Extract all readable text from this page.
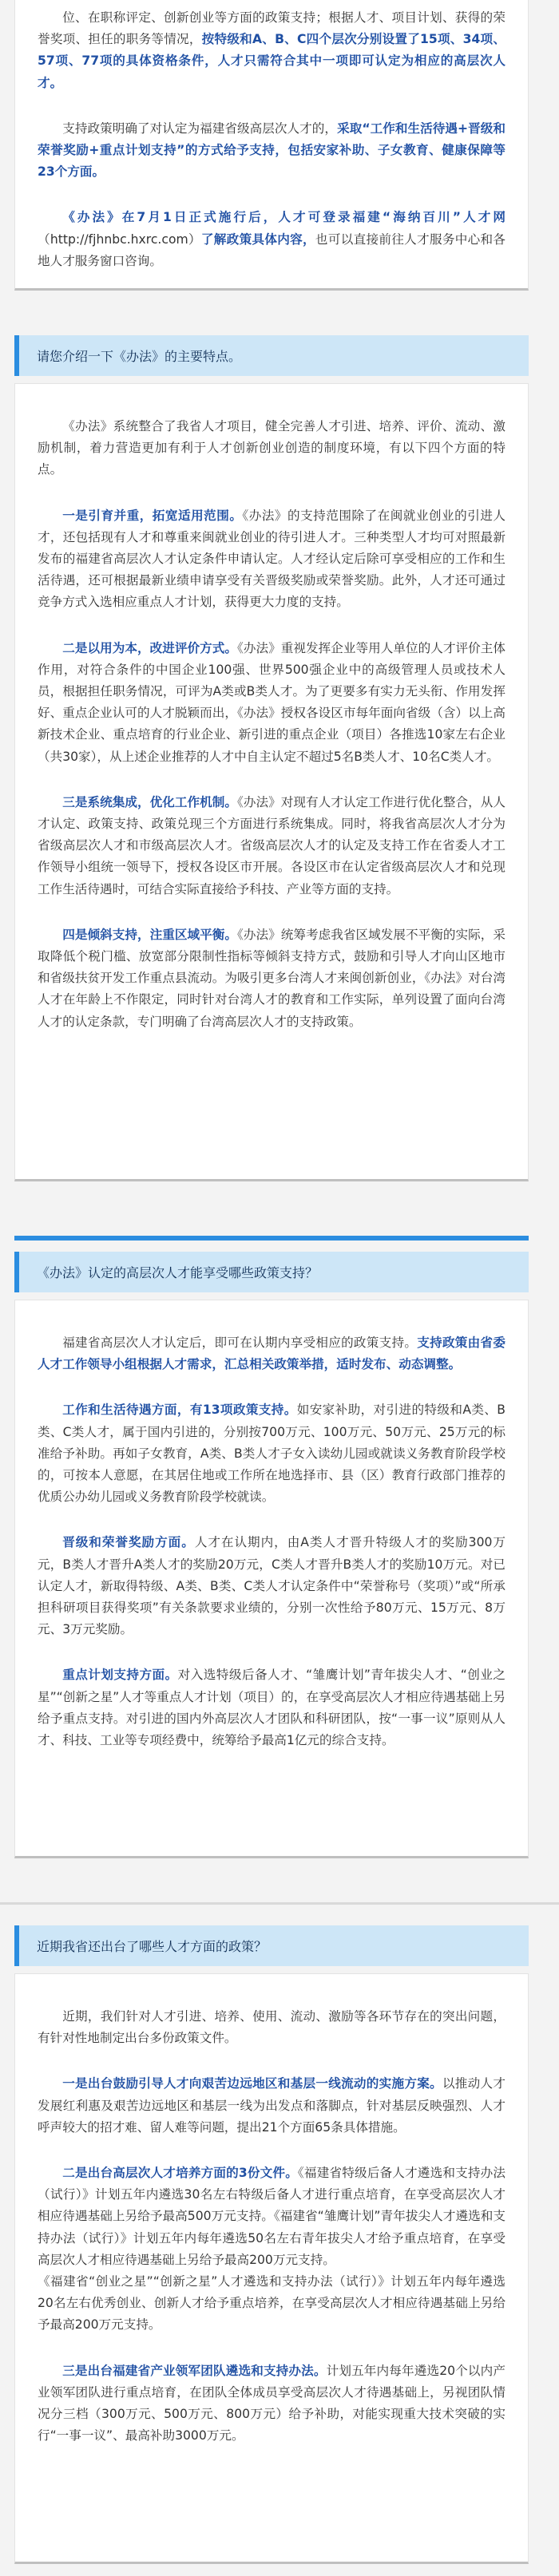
位、在职称评定、创新创业等方面的政策支持；根据人才、项目计划、获得的荣誉奖项、担任的职务等情况，按特级和A、B、C四个层次分别设置了15项、34项、57项、77项的具体资格条件，人才只需符合其中一项即可认定为相应的高层次人才。

支持政策明确了对认定为福建省级高层次人才的，采取“工作和生活待遇+晋级和荣誉奖励+重点计划支持”的方式给予支持，包括安家补助、子女教育、健康保障等23个方面。

《办法》在7月1日正式施行后，人才可登录福建“海纳百川”人才网（http://fjhnbc.hxrc.com）了解政策具体内容，也可以直接前往人才服务中心和各地人才服务窗口咨询。

请您介绍一下《办法》的主要特点。

《办法》系统整合了我省人才项目，健全完善人才引进、培养、评价、流动、激励机制，着力营造更加有利于人才创新创业创造的制度环境，有以下四个方面的特点。

一是引育并重，拓宽适用范围。《办法》的支持范围除了在闽就业创业的引进人才，还包括现有人才和尊重来闽就业创业的待引进人才。三种类型人才均可对照最新发布的福建省高层次人才认定条件申请认定。人才经认定后除可享受相应的工作和生活待遇，还可根据最新业绩申请享受有关晋级奖励或荣誉奖励。此外，人才还可通过竞争方式入选相应重点人才计划，获得更大力度的支持。

二是以用为本，改进评价方式。《办法》重视发挥企业等用人单位的人才评价主体作用，对符合条件的中国企业100强、世界500强企业中的高级管理人员或技术人员，根据担任职务情况，可评为A类或B类人才。为了更要多有实力无头衔、作用发挥好、重点企业认可的人才脱颖而出，《办法》授权各设区市每年面向省级（含）以上高新技术企业、重点培育的行业企业、新引进的重点企业（项目）各推选10家左右企业（共30家），从上述企业推荐的人才中自主认定不超过5名B类人才、10名C类人才。

三是系统集成，优化工作机制。《办法》对现有人才认定工作进行优化整合，从人才认定、政策支持、政策兑现三个方面进行系统集成。同时，将我省高层次人才分为省级高层次人才和市级高层次人才。省级高层次人才的认定及支持工作在省委人才工作领导小组统一领导下，授权各设区市开展。各设区市在认定省级高层次人才和兑现工作生活待遇时，可结合实际直接给予科技、产业等方面的支持。

四是倾斜支持，注重区域平衡。《办法》统筹考虑我省区域发展不平衡的实际，采取降低个税门槛、放宽部分限制性指标等倾斜支持方式，鼓励和引导人才向山区地市和省级扶贫开发工作重点县流动。为吸引更多台湾人才来闽创新创业，《办法》对台湾人才在年龄上不作限定，同时针对台湾人才的教育和工作实际，单列设置了面向台湾人才的认定条款，专门明确了台湾高层次人才的支持政策。

《办法》认定的高层次人才能享受哪些政策支持？

福建省高层次人才认定后，即可在认期内享受相应的政策支持。支持政策由省委人才工作领导小组根据人才需求，汇总相关政策举措，适时发布、动态调整。

工作和生活待遇方面，有13项政策支持。如安家补助，对引进的特级和A类、B类、C类人才，属于国内引进的，分别按700万元、100万元、50万元、25万元的标准给予补助。再如子女教育，A类、B类人才子女入读幼儿园或就读义务教育阶段学校的，可按本人意愿，在其居住地或工作所在地选择市、县（区）教育行政部门推荐的优质公办幼儿园或义务教育阶段学校就读。

晋级和荣誉奖励方面。人才在认期内，由A类人才晋升特级人才的奖励300万元，B类人才晋升A类人才的奖励20万元，C类人才晋升B类人才的奖励10万元。对已认定人才，新取得特级、A类、B类、C类人才认定条件中“荣誉称号（奖项）”或“所承担科研项目获得奖项”有关条款要求业绩的，分别一次性给予80万元、15万元、8万元、3万元奖励。

重点计划支持方面。对入选特级后备人才、“雏鹰计划”青年拔尖人才、“创业之星”“创新之星”人才等重点人才计划（项目）的，在享受高层次人才相应待遇基础上另给予重点支持。对引进的国内外高层次人才团队和科研团队，按“一事一议”原则从人才、科技、工业等专项经费中，统筹给予最高1亿元的综合支持。

近期我省还出台了哪些人才方面的政策？

近期，我们针对人才引进、培养、使用、流动、激励等各环节存在的突出问题，有针对性地制定出台多份政策文件。

一是出台鼓励引导人才向艰苦边远地区和基层一线流动的实施方案。以推动人才发展红利惠及艰苦边远地区和基层一线为出发点和落脚点，针对基层反映强烈、人才呼声较大的招才难、留人难等问题，提出21个方面65条具体措施。

二是出台高层次人才培养方面的3份文件。《福建省特级后备人才遴选和支持办法（试行）》计划五年内遴选30名左右特级后备人才进行重点培育，在享受高层次人才相应待遇基础上另给予最高500万元支持。《福建省“雏鹰计划”青年拔尖人才遴选和支持办法（试行）》计划五年内每年遴选50名左右青年拔尖人才给予重点培育，在享受高层次人才相应待遇基础上另给予最高200万元支持。

《福建省“创业之星”“创新之星”人才遴选和支持办法（试行）》计划五年内每年遴选20名左右优秀创业、创新人才给予重点培养，在享受高层次人才相应待遇基础上另给予最高200万元支持。

三是出台福建省产业领军团队遴选和支持办法。计划五年内每年遴选20个以内产业领军团队进行重点培育，在团队全体成员享受高层次人才待遇基础上，另视团队情况分三档（300万元、500万元、800万元）给予补助，对能实现重大技术突破的实行“一事一议”、最高补助3000万元。
